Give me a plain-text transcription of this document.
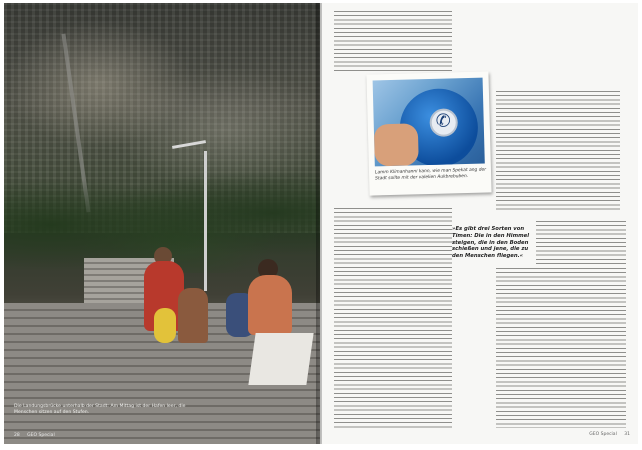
Die Landungsbrücke unterhalb der Stadt: Am Mittag ist der Hafen leer, die Menschen sitzen auf den Stufen.
28 GEO Special
✆
Lamm Klimanhanni kann, wie man Spekat ang der Stadt sollte mit der valelien Aukbrebuben.
»Es gibt drei Sorten von Timen: Die in den Himmel steigen, die in den Boden schießen und jene, die zu den Menschen fliegen.«
GEO Special 31
